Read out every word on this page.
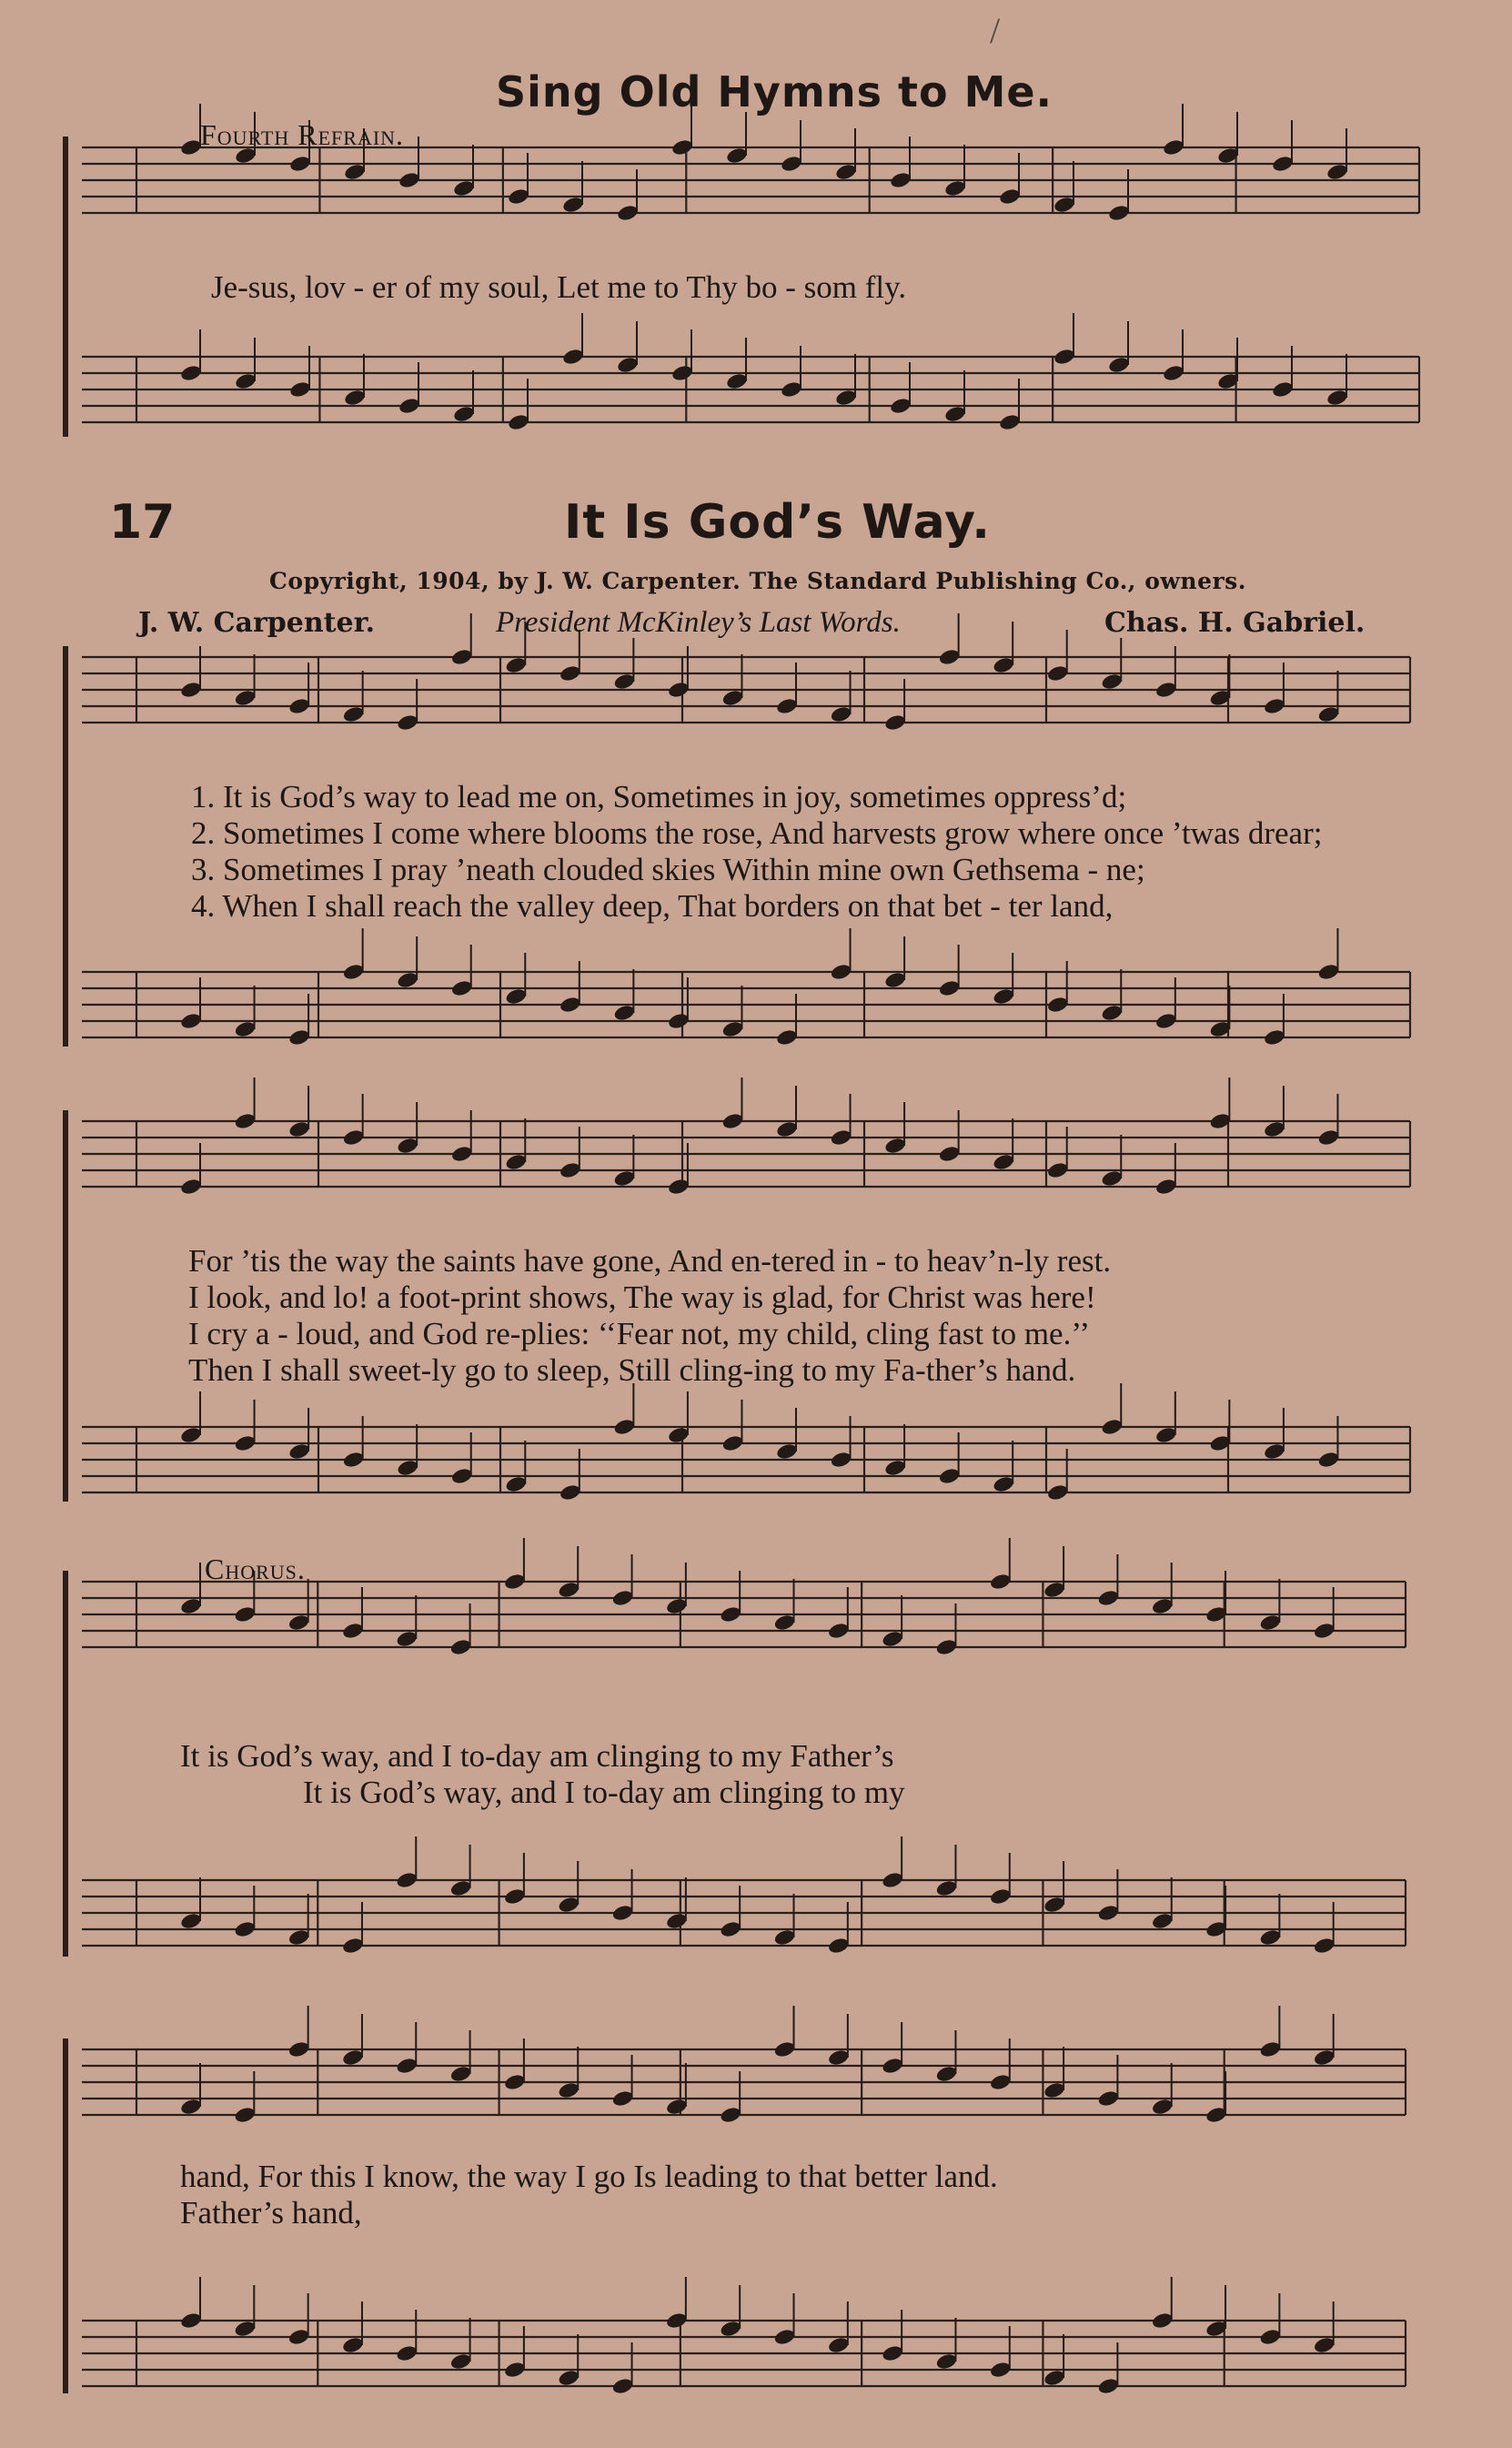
/
Sing Old Hymns to Me.
Fourth Refrain.
Je-sus, lov - er of my soul, Let me to Thy bo - som fly.
17	It Is God’s Way.
Copyright, 1904, by J. W. Carpenter. The Standard Publishing Co., owners.
J. W. Carpenter.	President McKinley’s Last Words.	Chas. H. Gabriel.
1. It is God’s way to lead me on, Sometimes in joy, sometimes oppress’d;
2. Sometimes I come where blooms the rose, And harvests grow where once ’twas drear;
3. Sometimes I pray ’neath clouded skies Within mine own Gethsema - ne;
4. When I shall reach the valley deep, That borders on that bet - ter land,
For ’tis the way the saints have gone, And en-tered in - to heav’n-ly rest.
I look, and lo! a foot-print shows, The way is glad, for Christ was here!
I cry a - loud, and God re-plies: ‘‘Fear not, my child, cling fast to me.’’
Then I shall sweet-ly go to sleep, Still cling-ing to my Fa-ther’s hand.
Chorus.
It is God’s way, and I to-day am clinging to my Father’s
It is God’s way, and I to-day am clinging to my
hand, For this I know, the way I go Is leading to that better land.
Father’s hand,
